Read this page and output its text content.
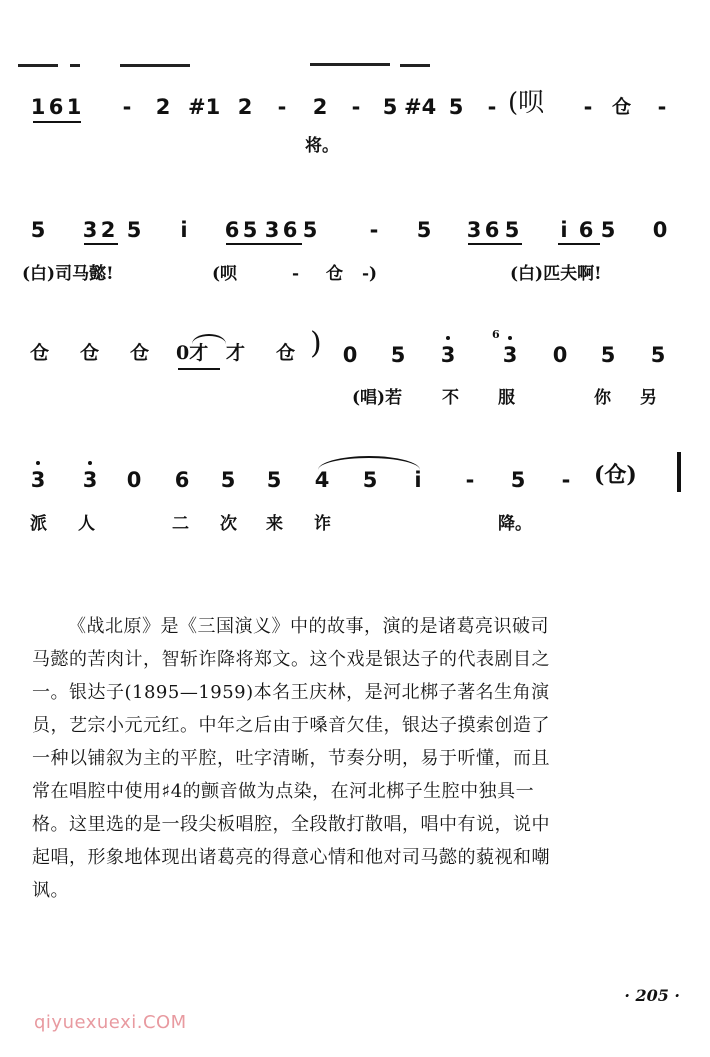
1 6 1 - 2 #1 2 - 2 - 5 #4 5 - (呗 - 仓 -
将。
5 3 2 5	i	6 5 3 6 5 - 5 3 6 5	i 6 5 0
(白)司马懿!	(呗	- 仓 -)	(白)匹夫啊!
仓 仓 仓 0才 才 仓 ) 0 5 3
6
3 0 5 5
(唱)若 不 服	你 另
3 3 0 6 5 5 4 5	i	- 5 - (仓)
派 人	二 次 来 诈	降。
《战北原》是《三国演义》中的故事，演的是诸葛亮识破司
马懿的苦肉计，智斩诈降将郑文。这个戏是银达子的代表剧目之
一。银达子(1895—1959)本名王庆林，是河北梆子著名生角演
员，艺宗小元元红。中年之后由于嗓音欠佳，银达子摸索创造了
一种以铺叙为主的平腔，吐字清晰，节奏分明，易于听懂，而且
常在唱腔中使用♯4的颤音做为点染，在河北梆子生腔中独具一
格。这里选的是一段尖板唱腔，全段散打散唱，唱中有说，说中
起唱，形象地体现出诸葛亮的得意心情和他对司马懿的藐视和嘲
讽。
· 205 ·
qiyuexuexi.COM
